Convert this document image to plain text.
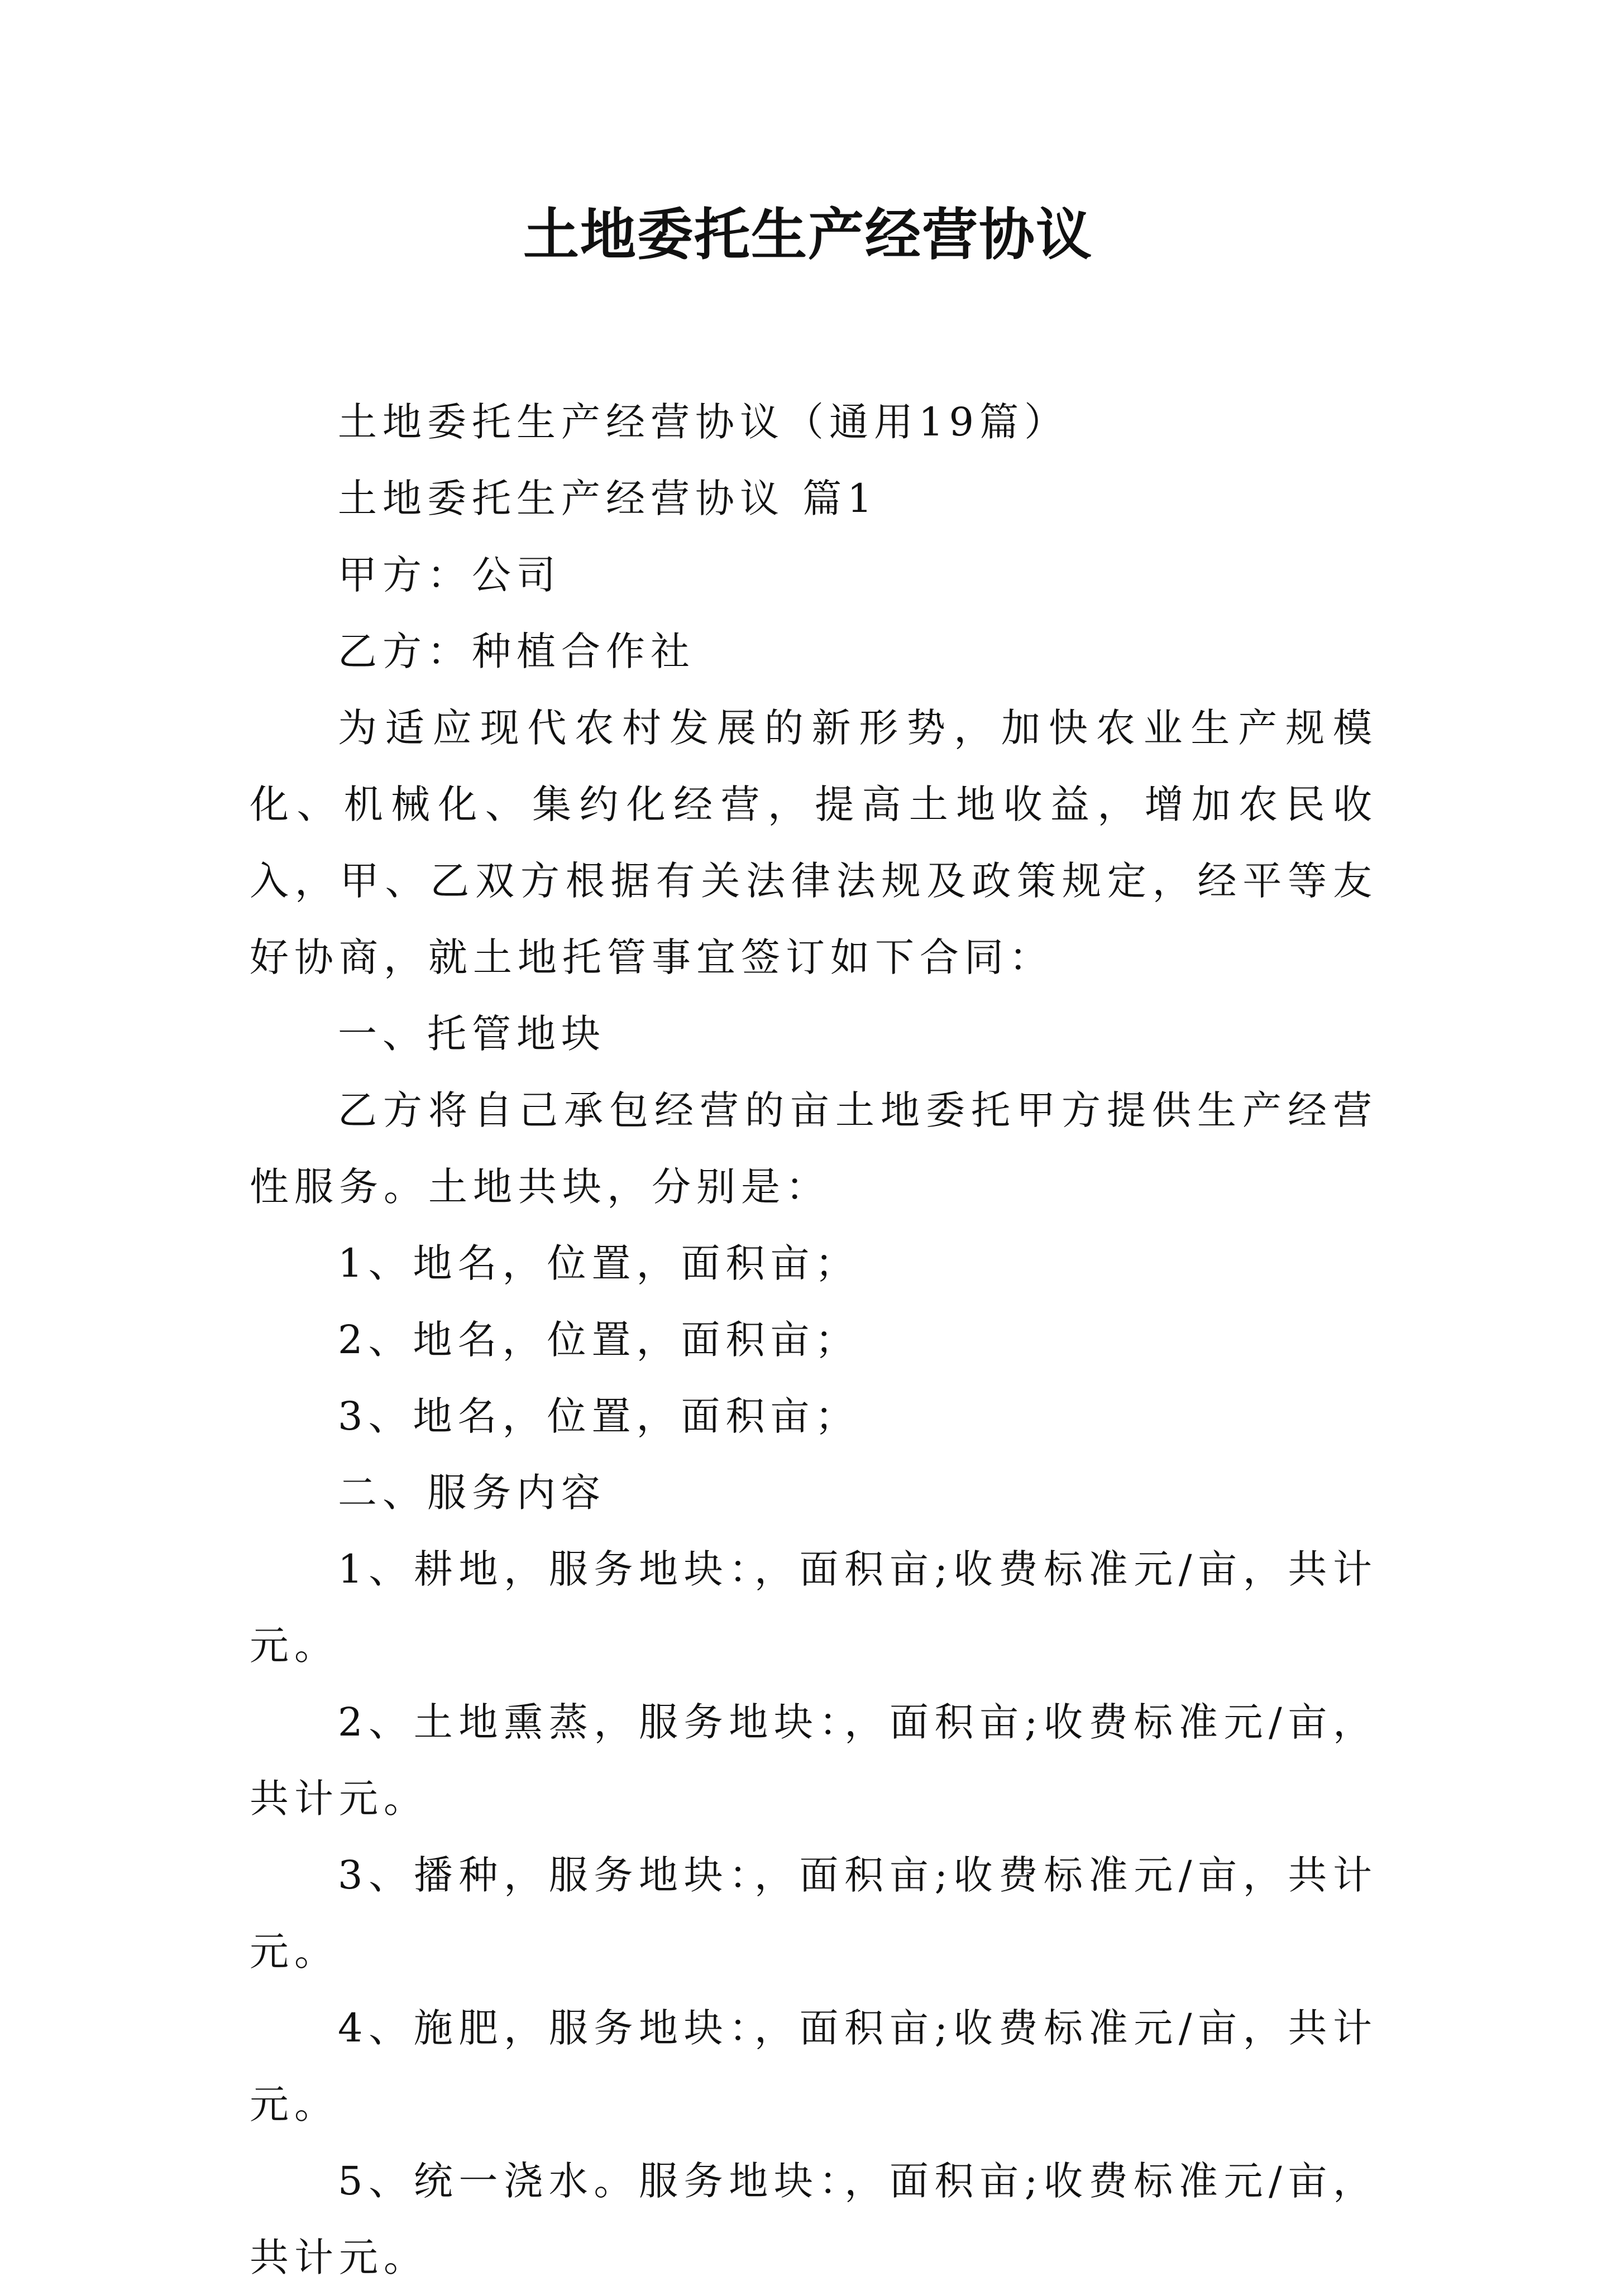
土地委托生产经营协议

土地委托生产经营协议（通用19篇）

土地委托生产经营协议 篇1

甲方：公司

乙方：种植合作社

为适应现代农村发展的新形势，加快农业生产规模化、机械化、集约化经营，提高土地收益，增加农民收入，甲、乙双方根据有关法律法规及政策规定，经平等友好协商，就土地托管事宜签订如下合同：

一、托管地块

乙方将自己承包经营的亩土地委托甲方提供生产经营性服务。土地共块，分别是：

1、地名，位置，面积亩；

2、地名，位置，面积亩；

3、地名，位置，面积亩；

二、服务内容

1、耕地，服务地块：，面积亩;收费标准元/亩，共计元。

2、土地熏蒸，服务地块：，面积亩;收费标准元/亩，共计元。

3、播种，服务地块：，面积亩;收费标准元/亩，共计元。

4、施肥，服务地块：，面积亩;收费标准元/亩，共计元。

5、统一浇水。服务地块：，面积亩;收费标准元/亩，共计元。
